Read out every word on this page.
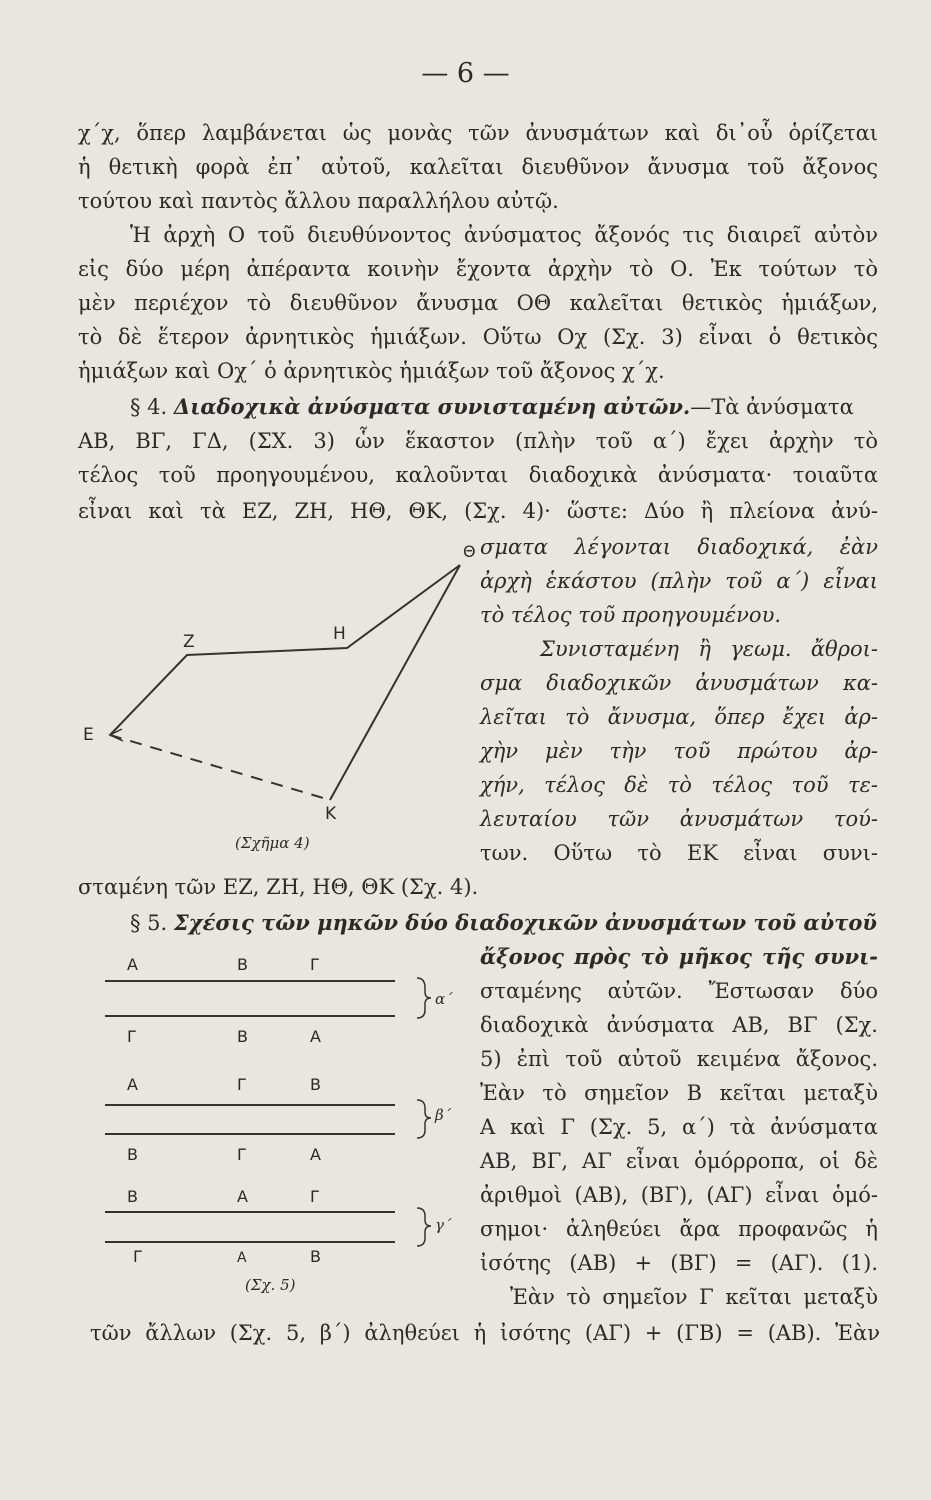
— 6 —
χ΄χ, ὅπερ λαμβάνεται ὡς μονὰς τῶν ἀνυσμάτων καὶ δι᾽οὗ ὁρίζεται
ἡ θετικὴ φορὰ ἐπ᾽ αὐτοῦ, καλεῖται διευθῦνον ἄνυσμα τοῦ ἄξονος
τούτου καὶ παντὸς ἄλλου παραλλήλου αὐτῷ.
Ἡ ἀρχὴ Ο τοῦ διευθύνοντος ἀνύσματος ἄξονός τις διαιρεῖ αὐτὸν
εἰς δύο μέρη ἀπέραντα κοινὴν ἔχοντα ἀρχὴν τὸ Ο. Ἐκ τούτων τὸ
μὲν περιέχον τὸ διευθῦνον ἄνυσμα ΟΘ καλεῖται θετικὸς ἡμιάξων,
τὸ δὲ ἕτερον ἀρνητικὸς ἡμιάξων. Οὕτω Οχ (Σχ. 3) εἶναι ὁ θετικὸς
ἡμιάξων καὶ Οχ΄ ὁ ἀρνητικὸς ἡμιάξων τοῦ ἄξονος χ΄χ.
§ 4. Διαδοχικὰ ἀνύσματα συνισταμένη αὐτῶν.—Τὰ ἀνύσματα
ΑΒ, ΒΓ, ΓΔ, (ΣΧ. 3) ὧν ἕκαστον (πλὴν τοῦ α΄) ἔχει ἀρχὴν τὸ
τέλος τοῦ προηγουμένου, καλοῦνται διαδοχικὰ ἀνύσματα· τοιαῦτα
εἶναι καὶ τὰ ΕΖ, ΖΗ, ΗΘ, ΘΚ, (Σχ. 4)· ὥστε: Δύο ἢ πλείονα ἀνύ-
Z	H
Θ
E
K
(Σχῆμα 4)
σματα λέγονται διαδοχικά, ἐὰν
ἀρχὴ ἑκάστου (πλὴν τοῦ α΄) εἶναι
τὸ τέλος τοῦ προηγουμένου.
Συνισταμένη ἢ γεωμ. ἄθροι-
σμα διαδοχικῶν ἀνυσμάτων κα-
λεῖται τὸ ἄνυσμα, ὅπερ ἔχει ἀρ-
χὴν μὲν τὴν τοῦ πρώτου ἀρ-
χήν, τέλος δὲ τὸ τέλος τοῦ τε-
λευταίου τῶν ἀνυσμάτων τού-
των. Οὕτω τὸ ΕΚ εἶναι συνι-
σταμένη τῶν ΕΖ, ΖΗ, ΗΘ, ΘΚ (Σχ. 4).
§ 5. Σχέσις τῶν μηκῶν δύο διαδοχικῶν ἀνυσμάτων τοῦ αὐτοῦ
ἄξονος πρὸς τὸ μῆκος τῆς συνι-
σταμένης αὐτῶν. Ἔστωσαν δύο
διαδοχικὰ ἀνύσματα ΑΒ, ΒΓ (Σχ.
5) ἐπὶ τοῦ αὐτοῦ κειμένα ἄξονος.
Ἐὰν τὸ σημεῖον Β κεῖται μεταξὺ
Α καὶ Γ (Σχ. 5, α΄) τὰ ἀνύσματα
ΑΒ, ΒΓ, ΑΓ εἶναι ὁμόρροπα, οἱ δὲ
ἀριθμοὶ (ΑΒ), (ΒΓ), (ΑΓ) εἶναι ὁμό-
σημοι· ἀληθεύει ἄρα προφανῶς ἡ
ἰσότης (ΑΒ) + (ΒΓ) = (ΑΓ). (1).
Ἐὰν τὸ σημεῖον Γ κεῖται μεταξὺ
A	B	Γ
Γ	B	A
α΄
A	Γ	B
B	Γ	A
β΄
B	A	Γ
Γ	A	B
γ΄
(Σχ. 5)
τῶν ἄλλων (Σχ. 5, β΄) ἀληθεύει ἡ ἰσότης (ΑΓ) + (ΓΒ) = (ΑΒ). Ἐὰν
